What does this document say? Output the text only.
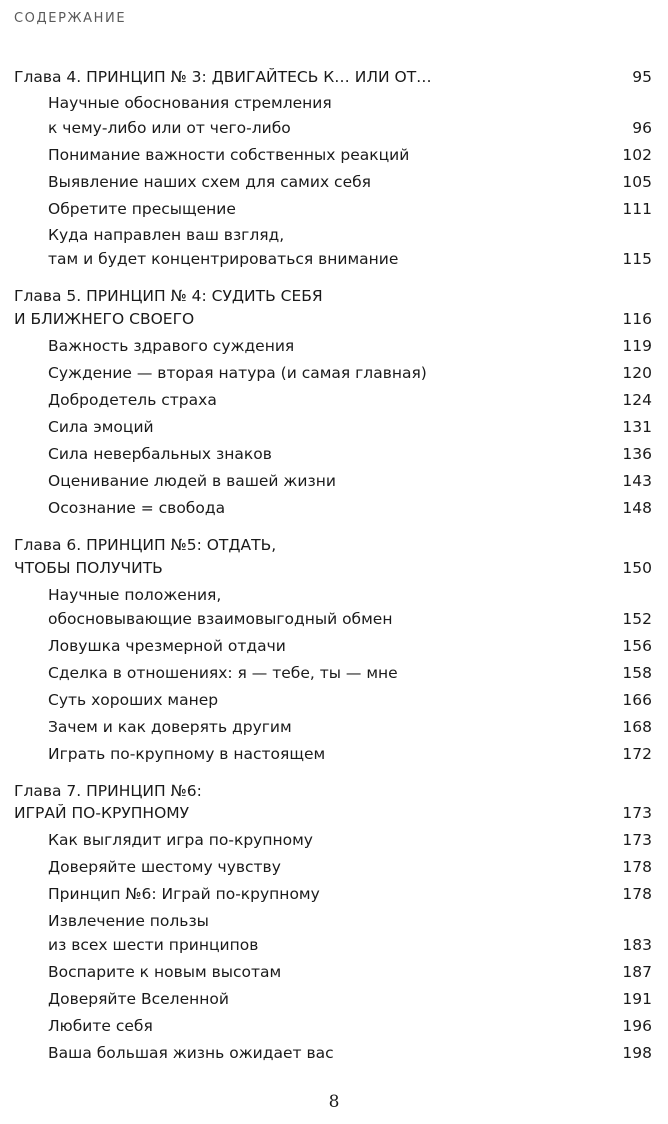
СОДЕРЖАНИЕ
Глава 4. ПРИНЦИП № 3: ДВИГАЙТЕСЬ К… ИЛИ ОТ…	95
Научные обоснования стремления
к чему-либо или от чего-либо	96
Понимание важности собственных реакций	102
Выявление наших схем для самих себя	105
Обретите пресыщение	111
Куда направлен ваш взгляд,
там и будет концентрироваться внимание	115
Глава 5. ПРИНЦИП № 4: СУДИТЬ СЕБЯ
И БЛИЖНЕГО СВОЕГО	116
Важность здравого суждения	119
Суждение — вторая натура (и самая главная)	120
Добродетель страха	124
Сила эмоций	131
Сила невербальных знаков	136
Оценивание людей в вашей жизни	143
Осознание = свобода	148
Глава 6. ПРИНЦИП №5: ОТДАТЬ,
ЧТОБЫ ПОЛУЧИТЬ	150
Научные положения,
обосновывающие взаимовыгодный обмен	152
Ловушка чрезмерной отдачи	156
Сделка в отношениях: я — тебе, ты — мне	158
Суть хороших манер	166
Зачем и как доверять другим	168
Играть по-крупному в настоящем	172
Глава 7. ПРИНЦИП №6:
ИГРАЙ ПО-КРУПНОМУ	173
Как выглядит игра по-крупному	173
Доверяйте шестому чувству	178
Принцип №6: Играй по-крупному	178
Извлечение пользы
из всех шести принципов	183
Воспарите к новым высотам	187
Доверяйте Вселенной	191
Любите себя	196
Ваша большая жизнь ожидает вас	198
8
